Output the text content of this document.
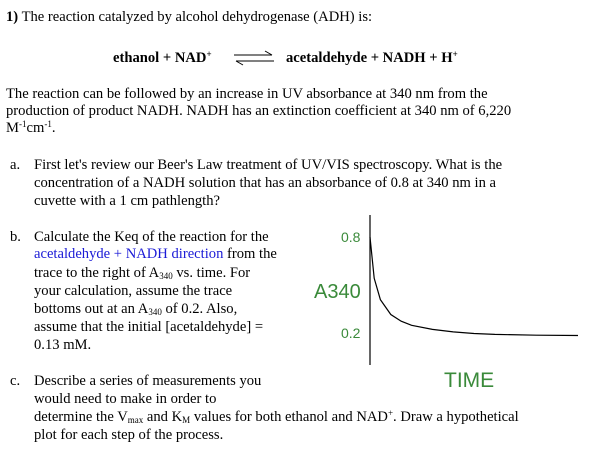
1) The reaction catalyzed by alcohol dehydrogenase (ADH) is:
ethanol + NAD+ ⇌ acetaldehyde + NADH + H+
The reaction can be followed by an increase in UV absorbance at 340 nm from the
production of product NADH. NADH has an extinction coefficient at 340 nm of 6,220
$M^{-1}cm^{-1}$.
a. First let's review our Beer's Law treatment of UV/VIS spectroscopy. What is the
concentration of a NADH solution that has an absorbance of 0.8 at 340 nm in a
cuvette with a 1 cm pathlength?
b. Calculate the Keq of the reaction for the
acetaldehyde + NADH direction from the
trace to the right of $A_{340}$ vs. time. For
your calculation, assume the trace
bottoms out at an $A_{340}$ of 0.2. Also,
assume that the initial [acetaldehyde] =
0.13 mM.
0.8
0.2
A340
TIME
c. Describe a series of measurements you
would need to make in order to
determine the $V_{max}$ and $K_M$ values for both ethanol and NAD+. Draw a hypothetical
plot for each step of the process.
